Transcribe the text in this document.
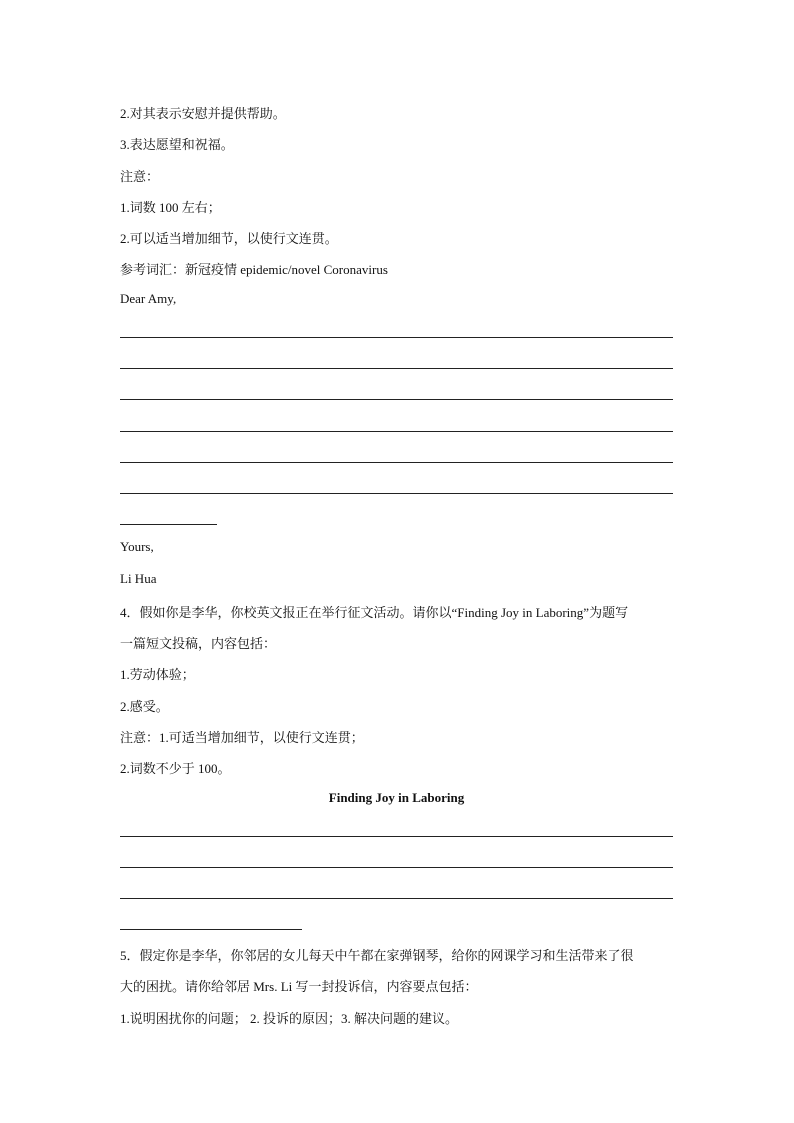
2.对其表示安慰并提供帮助。
3.表达愿望和祝福。
注意：
1.词数 100 左右；
2.可以适当增加细节，以使行文连贯。
参考词汇：新冠疫情 epidemic/novel Coronavirus
Dear Amy,
Yours,
Li Hua
4．假如你是李华，你校英文报正在举行征文活动。请你以“Finding Joy in Laboring”为题写
一篇短文投稿，内容包括：
1.劳动体验；
2.感受。
注意：1.可适当增加细节，以使行文连贯；
2.词数不少于 100。
Finding Joy in Laboring
5．假定你是李华，你邻居的女儿每天中午都在家弹钢琴，给你的网课学习和生活带来了很
大的困扰。请你给邻居 Mrs. Li 写一封投诉信，内容要点包括：
1.说明困扰你的问题； 2. 投诉的原因；3. 解决问题的建议。
